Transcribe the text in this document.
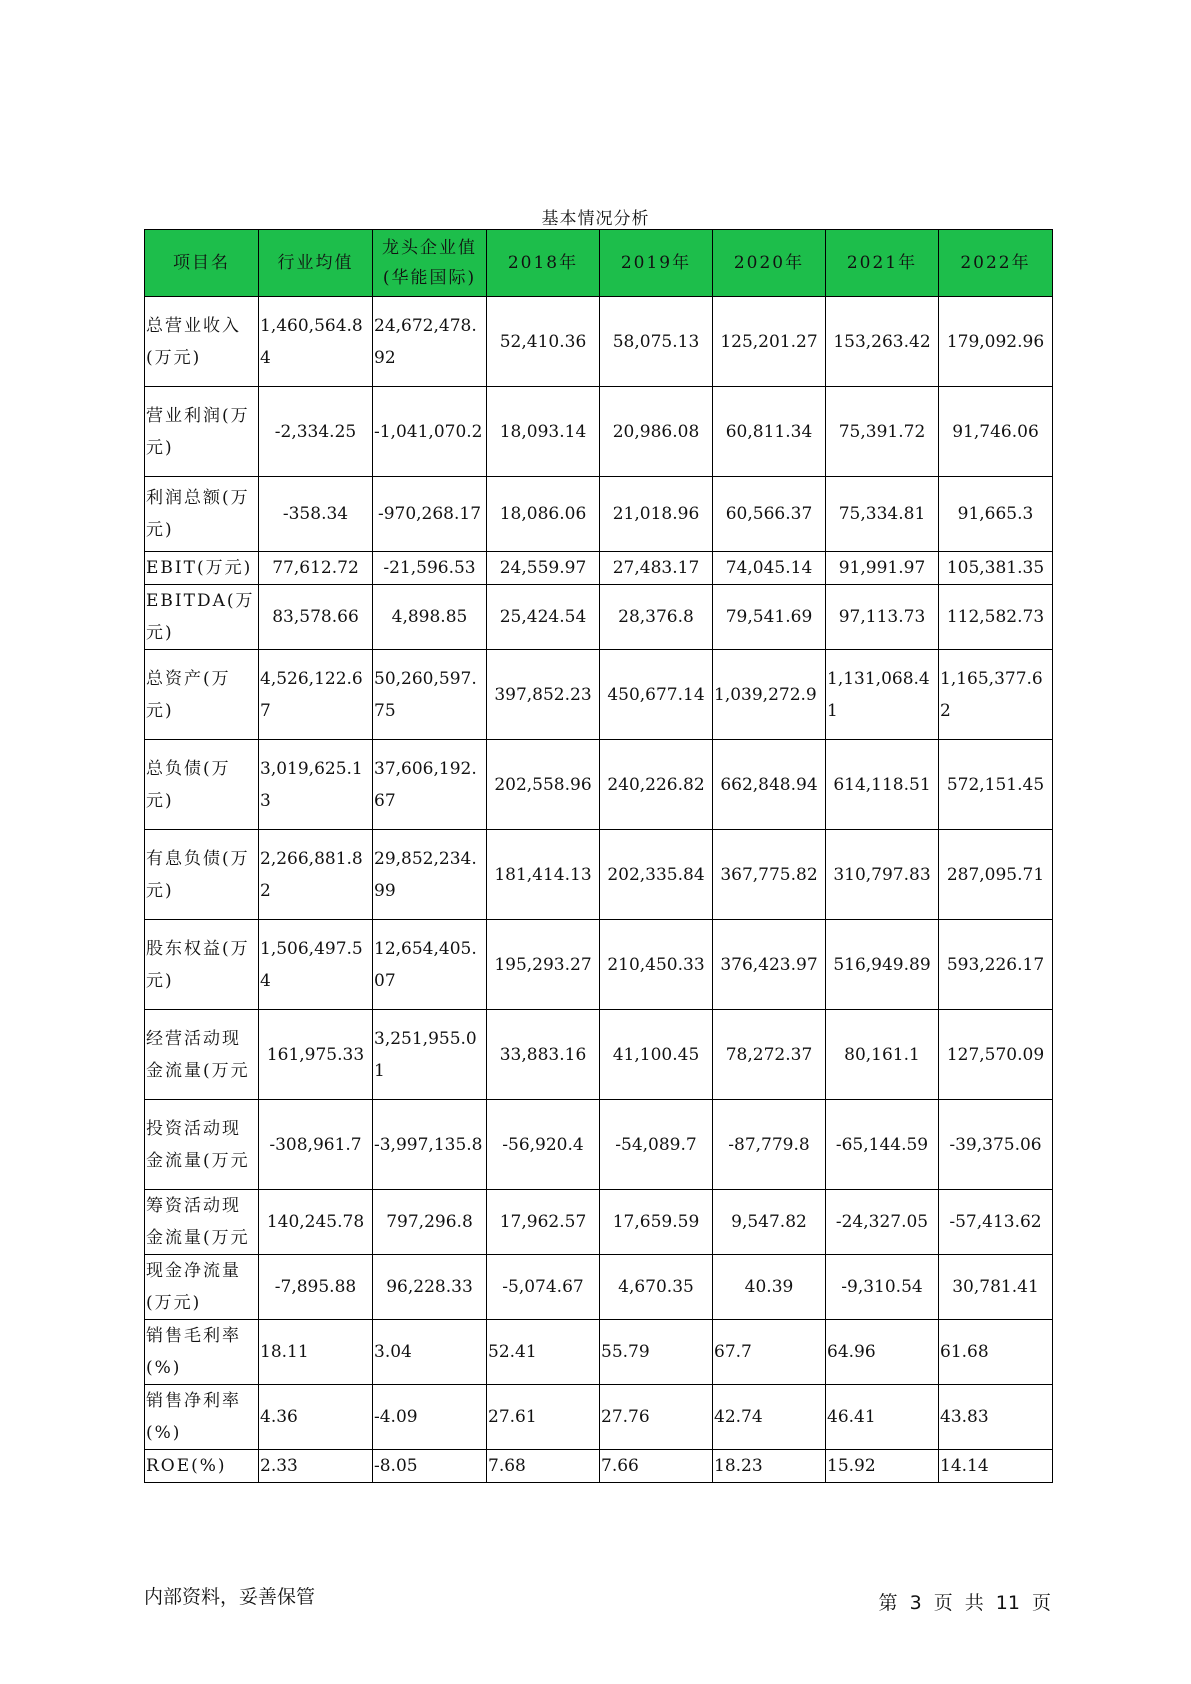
基本情况分析
项目名	行业均值	龙头企业值(华能国际)	2018年	2019年	2020年	2021年	2022年
总营业收入(万元)	1,460,564.84	24,672,478.92	52,410.36	58,075.13	125,201.27	153,263.42	179,092.96
营业利润(万元)	-2,334.25	-1,041,070.2	18,093.14	20,986.08	60,811.34	75,391.72	91,746.06
利润总额(万元)	-358.34	-970,268.17	18,086.06	21,018.96	60,566.37	75,334.81	91,665.3
EBIT(万元)	77,612.72	-21,596.53	24,559.97	27,483.17	74,045.14	91,991.97	105,381.35
EBITDA(万元)	83,578.66	4,898.85	25,424.54	28,376.8	79,541.69	97,113.73	112,582.73
总资产(万元)	4,526,122.67	50,260,597.75	397,852.23	450,677.14	1,039,272.9	1,131,068.41	1,165,377.62
总负债(万元)	3,019,625.13	37,606,192.67	202,558.96	240,226.82	662,848.94	614,118.51	572,151.45
有息负债(万元)	2,266,881.82	29,852,234.99	181,414.13	202,335.84	367,775.82	310,797.83	287,095.71
股东权益(万元)	1,506,497.54	12,654,405.07	195,293.27	210,450.33	376,423.97	516,949.89	593,226.17
经营活动现金流量(万元	161,975.33	3,251,955.01	33,883.16	41,100.45	78,272.37	80,161.1	127,570.09
投资活动现金流量(万元	-308,961.7	-3,997,135.8	-56,920.4	-54,089.7	-87,779.8	-65,144.59	-39,375.06
筹资活动现金流量(万元	140,245.78	797,296.8	17,962.57	17,659.59	9,547.82	-24,327.05	-57,413.62
现金净流量(万元)	-7,895.88	96,228.33	-5,074.67	4,670.35	40.39	-9,310.54	30,781.41
销售毛利率(%)	18.11	3.04	52.41	55.79	67.7	64.96	61.68
销售净利率(%)	4.36	-4.09	27.61	27.76	42.74	46.41	43.83
ROE(%)	2.33	-8.05	7.68	7.66	18.23	15.92	14.14
内部资料，妥善保管	第 3 页 共 11 页
